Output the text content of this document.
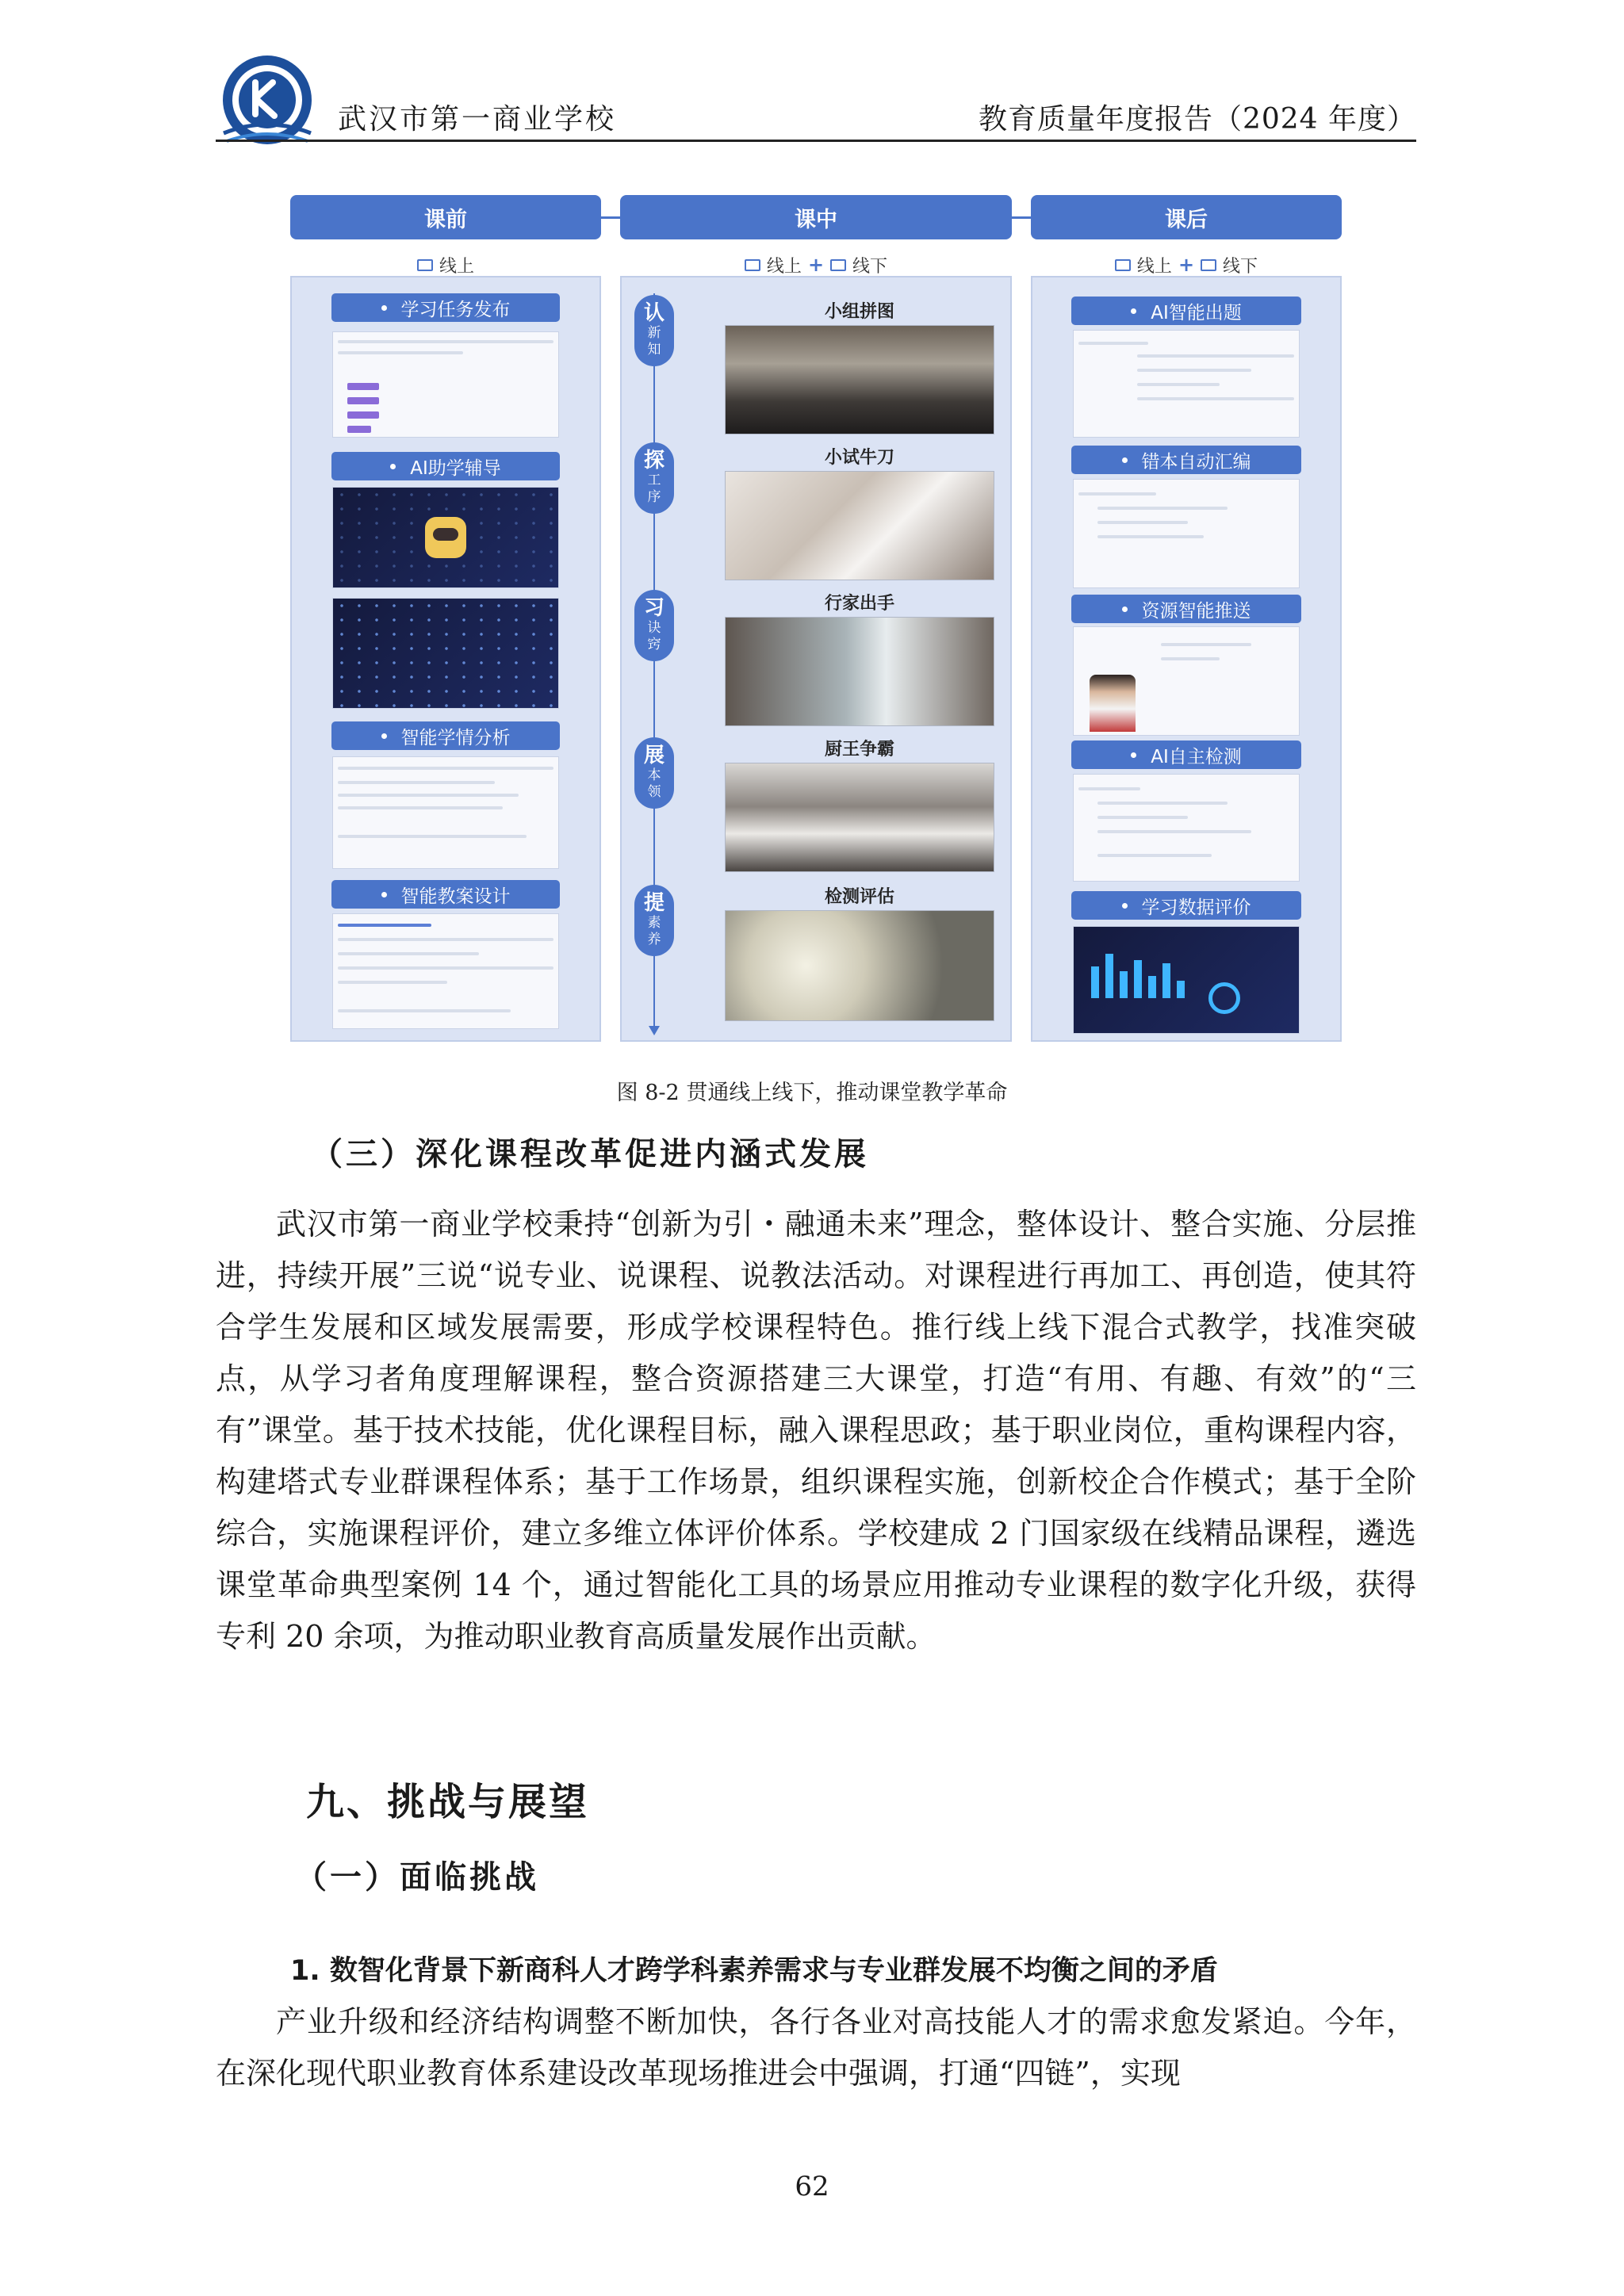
武汉市第一商业学校	教育质量年度报告（2024 年度）
课前	课中	课后
线上	线上 + 线下	线上 + 线下
学习任务发布
AI助学辅导
智能学情分析
智能教案设计
认
新
知
探
工
序
习
诀
窍
展
本
领
提
素
养
小组拼图
小试牛刀
行家出手
厨王争霸
检测评估
AI智能出题
错本自动汇编
资源智能推送
AI自主检测
学习数据评价
图 8-2 贯通线上线下，推动课堂教学革命
（三）深化课程改革促进内涵式发展

武汉市第一商业学校秉持“创新为引・融通未来”理念，整体设计、整合实施、分层推进，持续开展”三说“说专业、说课程、说教法活动。对课程进行再加工、再创造，使其符合学生发展和区域发展需要，形成学校课程特色。推行线上线下混合式教学，找准突破点，从学习者角度理解课程，整合资源搭建三大课堂，打造“有用、有趣、有效”的“三有”课堂。基于技术技能，优化课程目标，融入课程思政；基于职业岗位，重构课程内容，构建塔式专业群课程体系；基于工作场景，组织课程实施，创新校企合作模式；基于全阶综合，实施课程评价，建立多维立体评价体系。学校建成 2 门国家级在线精品课程，遴选课堂革命典型案例 14 个，通过智能化工具的场景应用推动专业课程的数字化升级，获得专利 20 余项，为推动职业教育高质量发展作出贡献。

九、挑战与展望
（一）面临挑战
1. 数智化背景下新商科人才跨学科素养需求与专业群发展不均衡之间的矛盾

产业升级和经济结构调整不断加快，各行各业对高技能人才的需求愈发紧迫。今年，在深化现代职业教育体系建设改革现场推进会中强调，打通“四链”，实现

62
